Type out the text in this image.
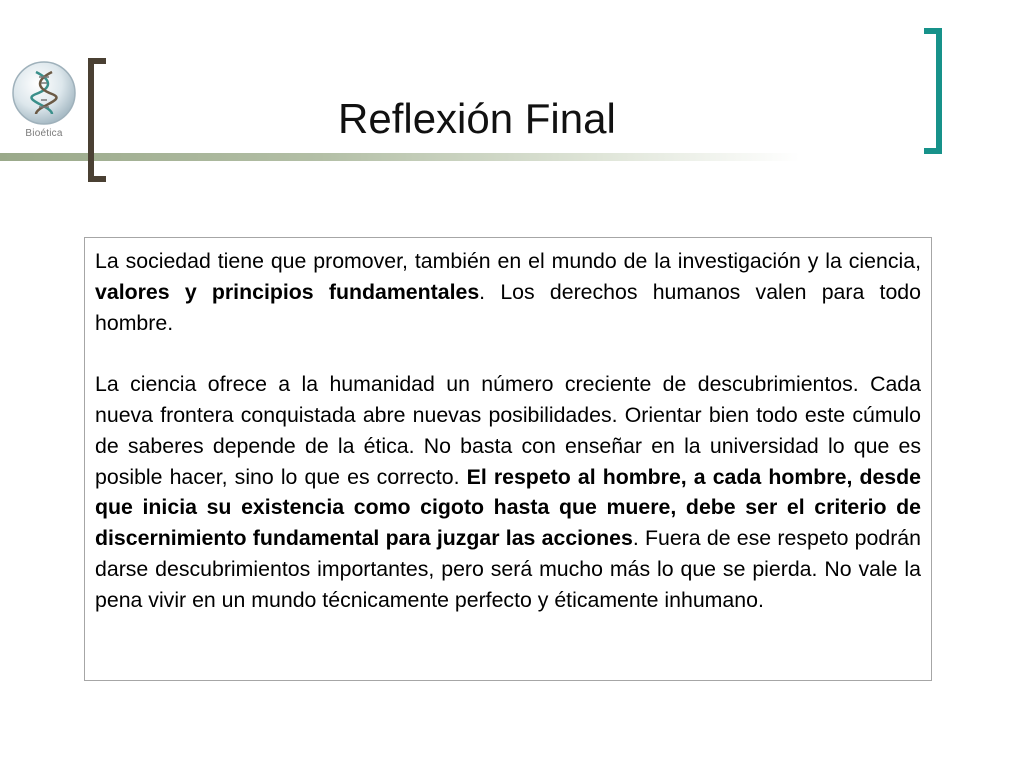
Bioética	Reflexión Final

La sociedad tiene que promover, también en el mundo de la investigación y la ciencia, valores y principios fundamentales. Los derechos humanos valen para todo hombre.

La ciencia ofrece a la humanidad un número creciente de descubrimientos. Cada nueva frontera conquistada abre nuevas posibilidades. Orientar bien todo este cúmulo de saberes depende de la ética. No basta con enseñar en la universidad lo que es posible hacer, sino lo que es correcto. El respeto al hombre, a cada hombre, desde que inicia su existencia como cigoto hasta que muere, debe ser el criterio de discernimiento fundamental para juzgar las acciones. Fuera de ese respeto podrán darse descubrimientos importantes, pero será mucho más lo que se pierda. No vale la pena vivir en un mundo técnicamente perfecto y éticamente inhumano.
